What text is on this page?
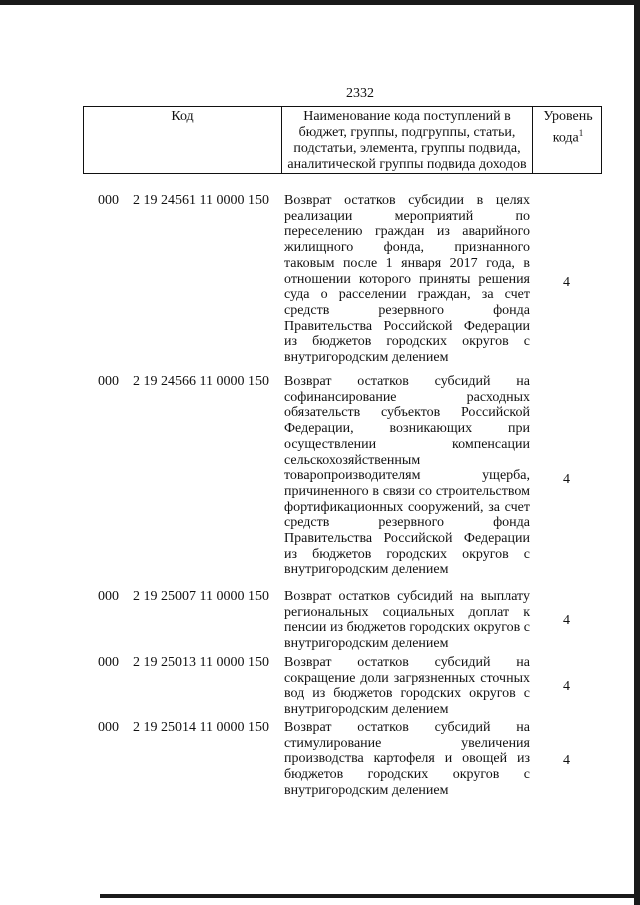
2332
Код	Наименование кода поступлений в бюджет, группы, подгруппы, статьи, подстатьи, элемента, группы подвида, аналитической группы подвида доходов
Уровень кода$^1$
000 2 19 24561 11 0000 150 Возврат остатков субсидии в целях реализации мероприятий по переселению граждан из аварийного жилищного фонда, признанного таковым после 1 января 2017 года, в отношении которого приняты решения суда о расселении граждан, за счет средств резервного фонда Правительства Российской Федерации из бюджетов городских округов с внутригородским делением
4
000 2 19 24566 11 0000 150 Возврат остатков субсидий на софинансирование расходных обязательств субъектов Российской Федерации, возникающих при осуществлении компенсации сельскохозяйственным товаропроизводителям ущерба, причиненного в связи со строительством фортификационных сооружений, за счет средств резервного фонда Правительства Российской Федерации из бюджетов городских округов с внутригородским делением
4
000 2 19 25007 11 0000 150 Возврат остатков субсидий на выплату региональных социальных доплат к пенсии из бюджетов городских округов с внутригородским делением
4
000 2 19 25013 11 0000 150 Возврат остатков субсидий на сокращение доли загрязненных сточных вод из бюджетов городских округов с внутригородским делением
4
000 2 19 25014 11 0000 150 Возврат остатков субсидий на стимулирование увеличения производства картофеля и овощей из бюджетов городских округов с внутригородским делением
4
